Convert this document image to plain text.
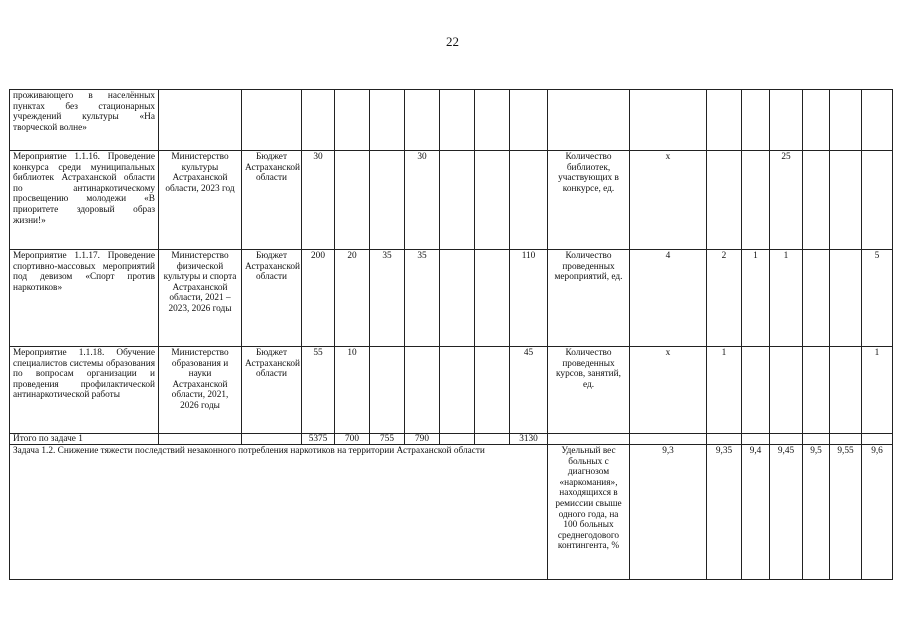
22
проживающего в населённых пунктах без стационарных учреждений культуры «На творческой волне»																	
Мероприятие 1.1.16. Проведение конкурса среди муниципальных библиотек Астраханской области по антинаркотическому просвещению молодежи «В приоритете здоровый образ жизни!»	Министерство культуры Астраханской области, 2023 год	Бюджет Астраханской области	30			30				Количество библиотек, участвующих в конкурсе, ед.	x			25			
Мероприятие 1.1.17. Проведение спортивно-массовых мероприятий под девизом «Спорт против наркотиков»	Министерство физической культуры и спорта Астраханской области, 2021 – 2023, 2026 годы	Бюджет Астраханской области	200	20	35	35			110	Количество проведенных мероприятий, ед.	4	2	1	1			5
Мероприятие 1.1.18. Обучение специалистов системы образования по вопросам организации и проведения профилактической антинаркотической работы	Министерство образования и науки Астраханской области, 2021, 2026 годы	Бюджет Астраханской области	55	10					45	Количество проведенных курсов, занятий, ед.	x	1					1
Итого по задаче 1			5375	700	755	790			3130								
Задача 1.2. Снижение тяжести последствий незаконного потребления наркотиков на территории Астраханской области										Удельный вес больных с диагнозом «наркомания», находящихся в ремиссии свыше одного года, на 100 больных среднегодового контингента, %	9,3	9,35	9,4	9,45	9,5	9,55	9,6
